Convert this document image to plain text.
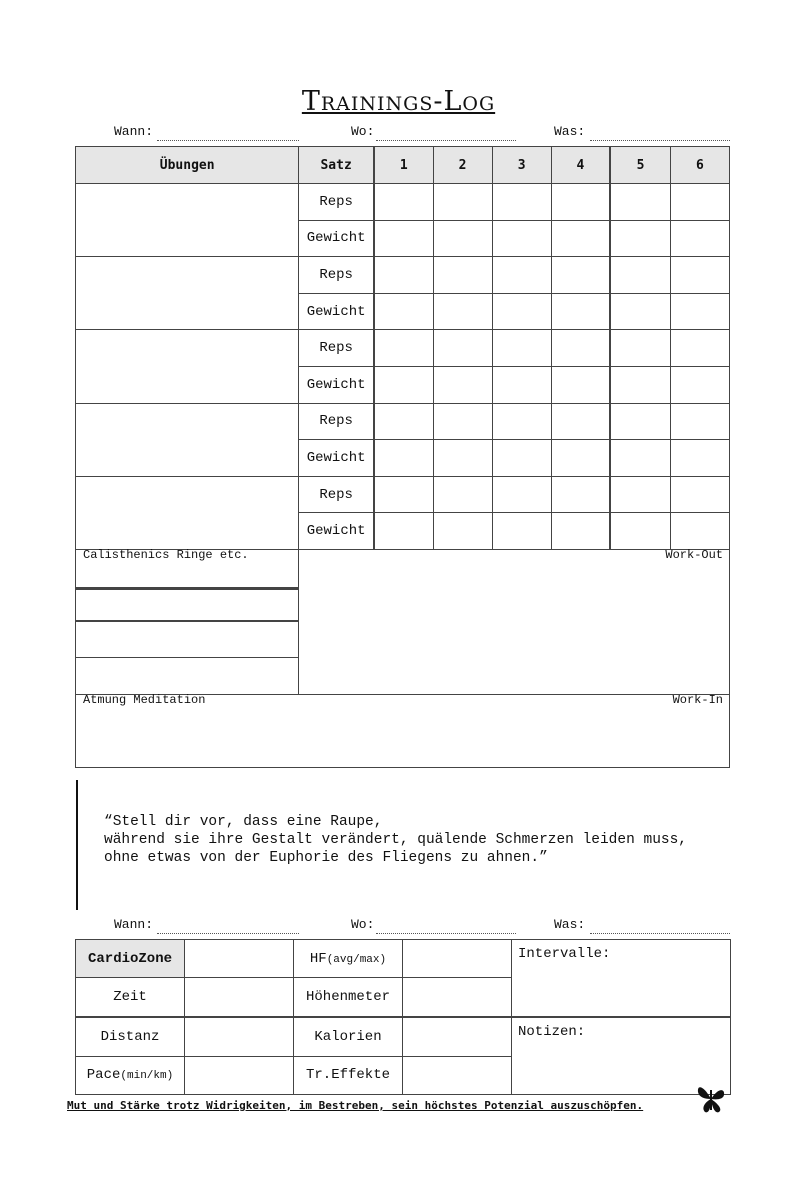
Trainings-Log
Wann:	Wo:	Was:
Übungen	Satz	1	2	3	4	5	6
	Reps						
	Gewicht						
	Reps						
	Gewicht						
	Reps						
	Gewicht						
	Reps						
	Gewicht						
	Reps						
	Gewicht						
Calisthenics Ringe etc.	Work-Out
Atmung Meditation	Work-In
“Stell dir vor, dass eine Raupe,
während sie ihre Gestalt verändert, quälende Schmerzen leiden muss,
ohne etwas von der Euphorie des Fliegens zu ahnen.”
Wann:	Wo:	Was:
CardioZone		HF(avg/max)		Intervalle:
Zeit		Höhenmeter		
Distanz		Kalorien		Notizen:
Pace(min/km)		Tr.Effekte		
Mut und Stärke trotz Widrigkeiten, im Bestreben, sein höchstes Potenzial auszuschöpfen.
